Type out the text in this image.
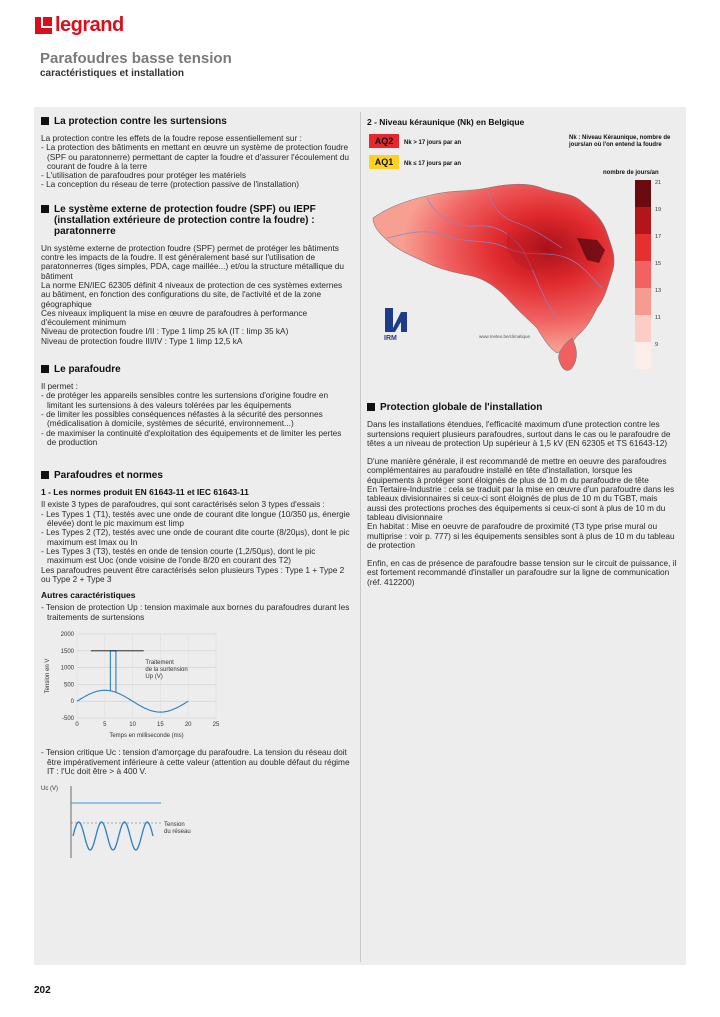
legrand
Parafoudres basse tension
caractéristiques et installation
La protection contre les surtensions
La protection contre les effets de la foudre repose essentiellement sur :
- La protection des bâtiments en mettant en œuvre un système de protection foudre (SPF ou paratonnerre) permettant de capter la foudre et d'assurer l'écoulement du courant de foudre à la terre
- L'utilisation de parafoudres pour protéger les matériels
- La conception du réseau de terre (protection passive de l'installation)
Le système externe de protection foudre (SPF) ou IEPF (installation extérieure de protection contre la foudre) : paratonnerre
Un système externe de protection foudre (SPF) permet de protéger les bâtiments contre les impacts de la foudre. Il est généralement basé sur l'utilisation de paratonnerres (tiges simples, PDA, cage maillée...) et/ou la structure métallique du bâtiment
La norme EN/IEC 62305 définit 4 niveaux de protection de ces systèmes externes au bâtiment, en fonction des configurations du site, de l'activité et de la zone géographique
Ces niveaux impliquent la mise en œuvre de parafoudres à performance d'écoulement minimum
Niveau de protection foudre I/II : Type 1 Iimp 25 kA (IT : Iimp 35 kA)
Niveau de protection foudre III/IV : Type 1 Iimp 12,5 kA
Le parafoudre
Il permet :
- de protéger les appareils sensibles contre les surtensions d'origine foudre en limitant les surtensions à des valeurs tolérées par les équipements
- de limiter les possibles conséquences néfastes à la sécurité des personnes (médicalisation à domicile, systèmes de sécurité, environnement...)
- de maximiser la continuité d'exploitation des équipements et de limiter les pertes de production
Parafoudres et normes
1 - Les normes produit EN 61643-11 et IEC 61643-11
Il existe 3 types de parafoudres, qui sont caractérisés selon 3 types d'essais :
- Les Types 1 (T1), testés avec une onde de courant dite longue (10/350 µs, énergie élevée) dont le pic maximum est Iimp
- Les Types 2 (T2), testés avec une onde de courant dite courte (8/20µs), dont le pic maximum est Imax ou In
- Les Types 3 (T3), testés en onde de tension courte (1,2/50µs), dont le pic maximum est Uoc (onde voisine de l'onde 8/20 en courant des T2)
Les parafoudres peuvent être caractérisés selon plusieurs Types : Type 1 + Type 2 ou Type 2 + Type 3
Autres caractéristiques
- Tension de protection Up : tension maximale aux bornes du parafoudres durant les traitements de surtensions
2000
1500
1000
500
0
-500
0	5	10	15	20	25
Tension en V
Temps en milliseconde (ms)
Traitement
de la surtension
Up (V)
- Tension critique Uc : tension d'amorçage du parafoudre. La tension du réseau doit être impérativement inférieure à cette valeur (attention au double défaut du régime IT : l'Uc doit être > à 400 V.
Uc (V)
Tension
du réseau
2 - Niveau kéraunique (Nk) en Belgique
AQ2	Nk > 17 jours par an
AQ1	Nk ≤ 17 jours par an
Nk : Niveau Kéraunique, nombre de jours/an où l'on entend la foudre
nombre de jours/an
21
19
17
15
13
11
9
IRM	www.meteo.be/climatique
Protection globale de l'installation
Dans les installations étendues, l'efficacité maximum d'une protection contre les surtensions requiert plusieurs parafoudres, surtout dans le cas ou le parafoudre de têtes a un niveau de protection Up supérieur à 1,5 kV (EN 62305 et TS 61643-12)
D'une manière générale, il est recommandé de mettre en oeuvre des parafoudres complémentaires au parafoudre installé en tête d'installation, lorsque les équipements à protéger sont éloignés de plus de 10 m du parafoudre de tête
En Tertaire-Industrie : cela se traduit par la mise en œuvre d'un parafoudre dans les tableaux divisionnaires si ceux-ci sont éloignés de plus de 10 m du TGBT, mais aussi des protections proches des équipements si ceux-ci sont à plus de 10 m du tableau divisionnaire
En habitat : Mise en oeuvre de parafoudre de proximité (T3 type prise mural ou multiprise : voir p. 777) si les équipements sensibles sont à plus de 10 m du tableau de protection
Enfin, en cas de présence de parafoudre basse tension sur le circuit de puissance, il est fortement recommandé d'installer un parafoudre sur la ligne de communication (réf. 412200)
202
